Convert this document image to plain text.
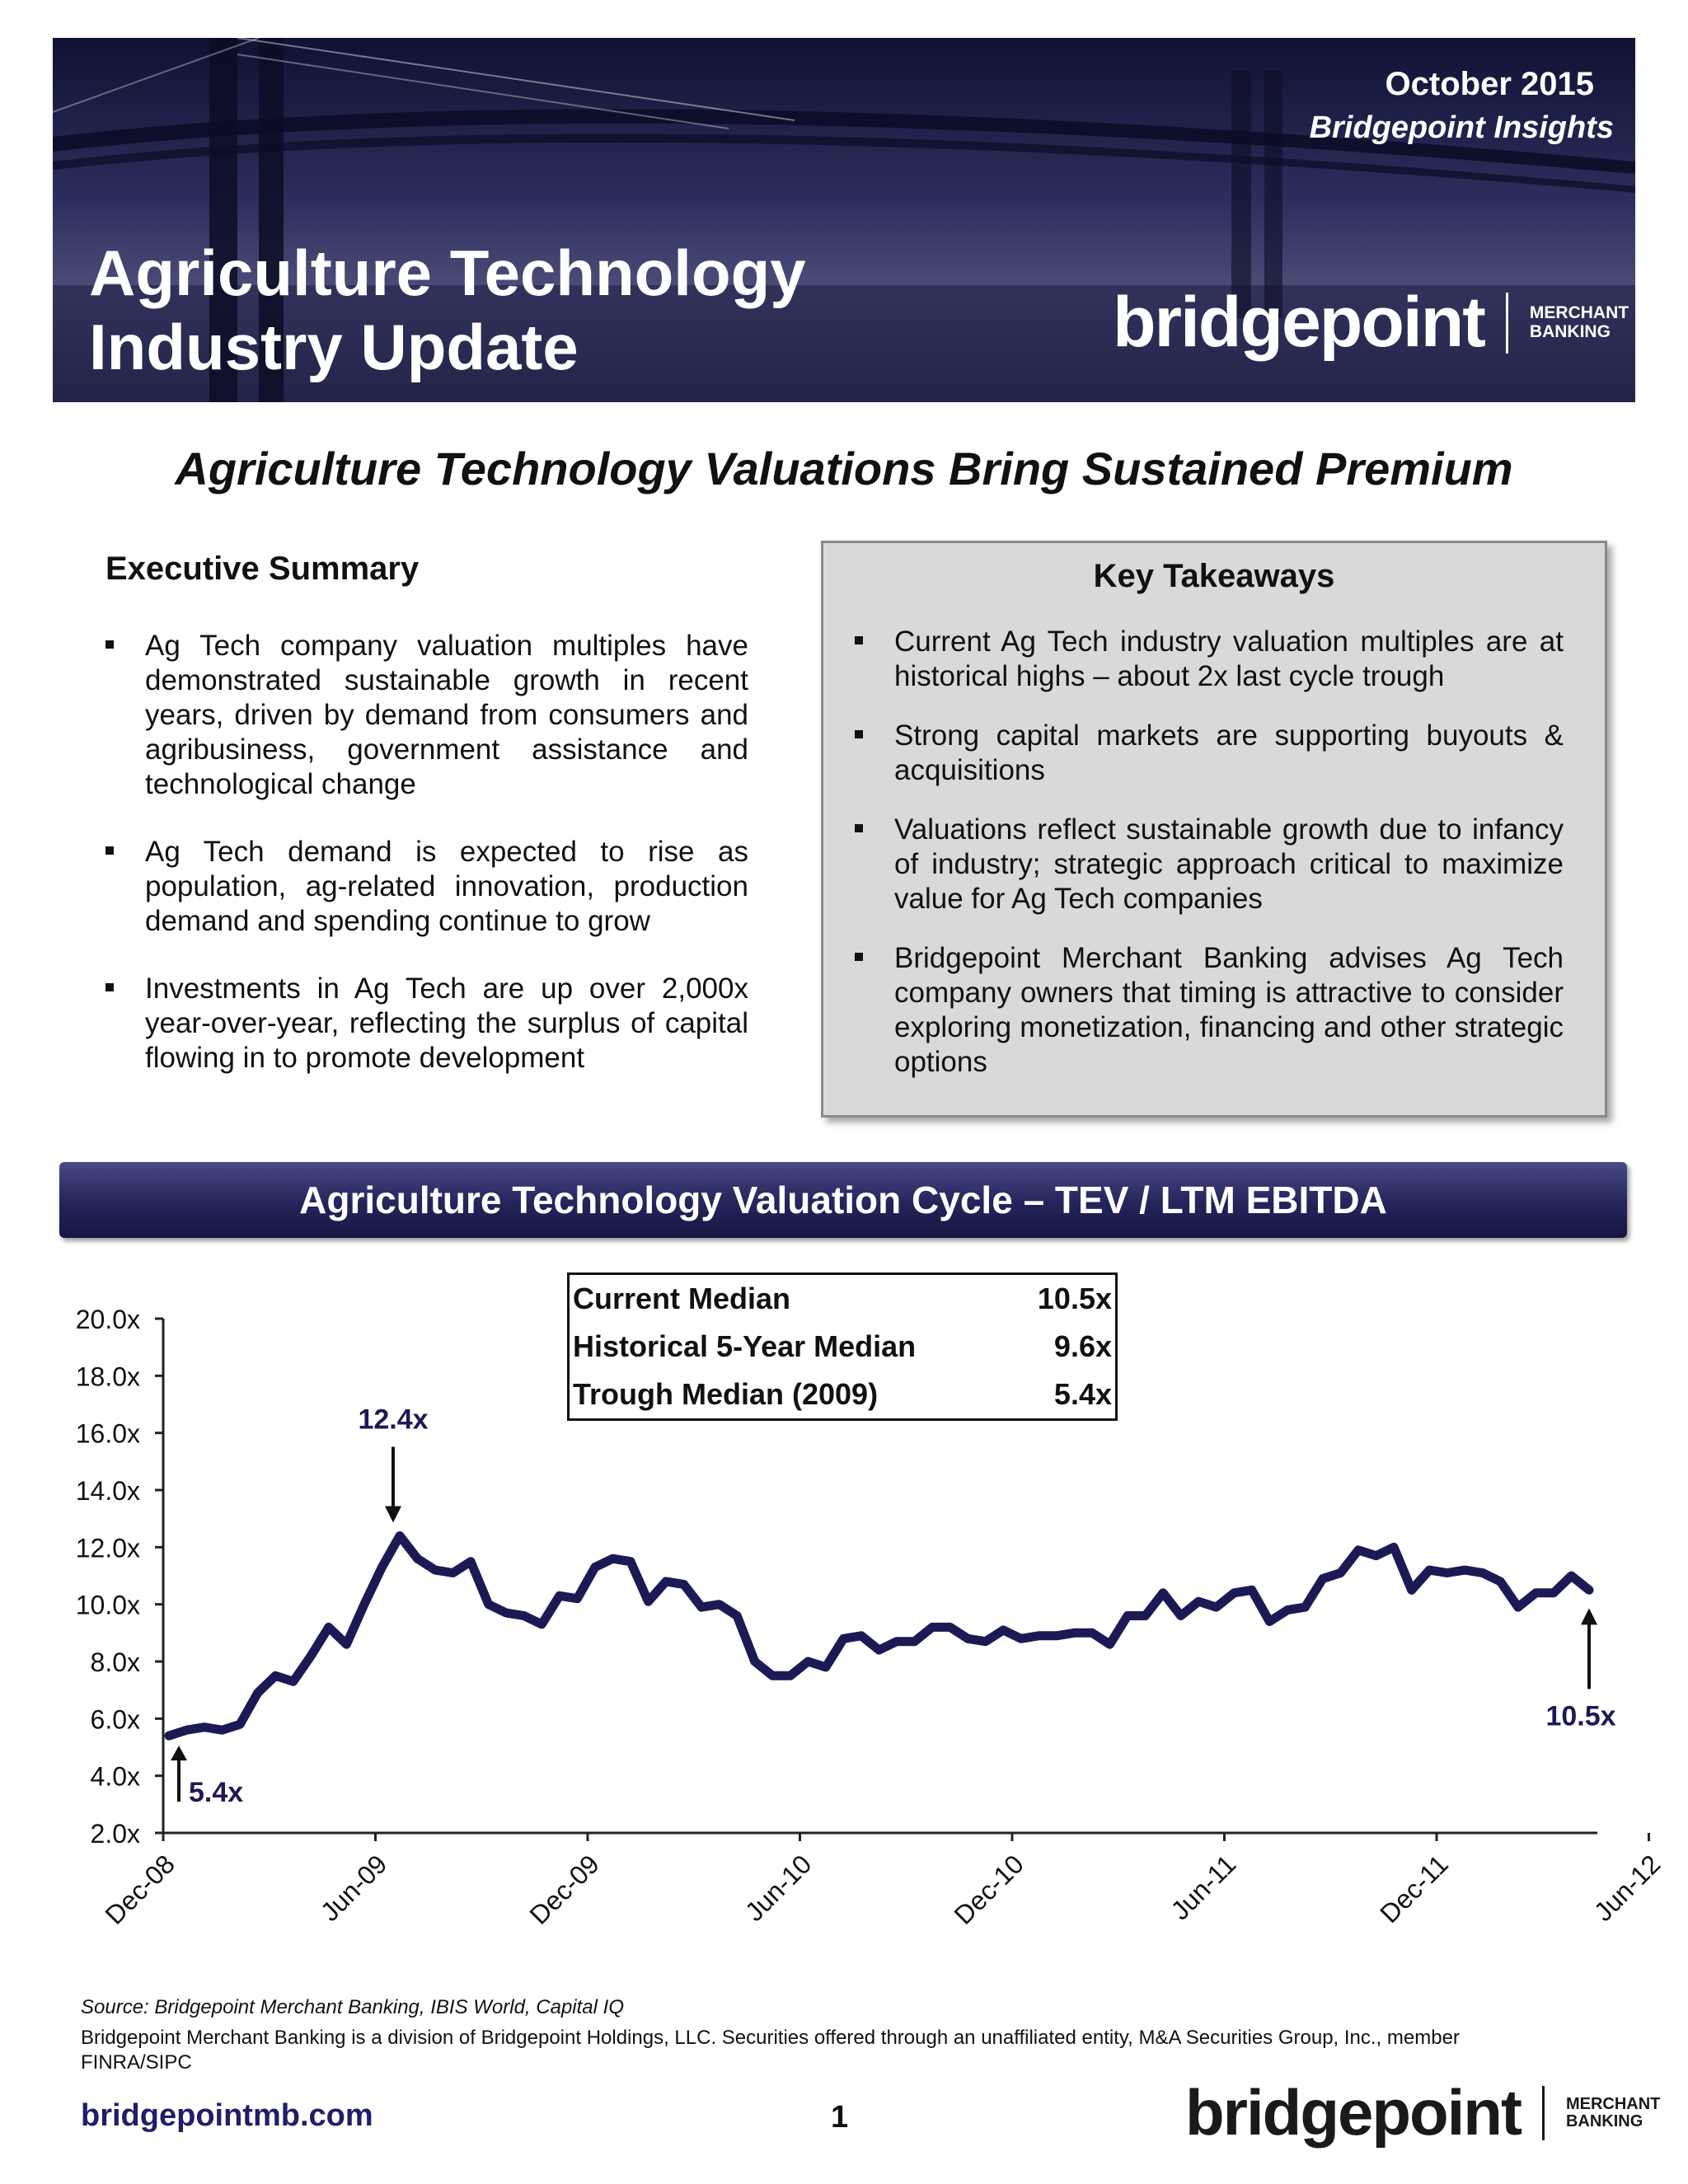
October 2015
Bridgepoint Insights
Agriculture Technology
Industry Update	bridgepoint	MERCHANT
BANKING
Agriculture Technology Valuations Bring Sustained Premium
Executive Summary
Ag Tech company valuation multiples have demonstrated sustainable growth in recent years, driven by demand from consumers and agribusiness, government assistance and technological change
Ag Tech demand is expected to rise as population, ag-related innovation, production demand and spending continue to grow
Investments in Ag Tech are up over 2,000x year-over-year, reflecting the surplus of capital flowing in to promote development
Key Takeaways
Current Ag Tech industry valuation multiples are at historical highs – about 2x last cycle trough
Strong capital markets are supporting buyouts & acquisitions
Valuations reflect sustainable growth due to infancy of industry; strategic approach critical to maximize value for Ag Tech companies
Bridgepoint Merchant Banking advises Ag Tech company owners that timing is attractive to consider exploring monetization, financing and other strategic options
Agriculture Technology Valuation Cycle – TEV / LTM EBITDA
2.0x
4.0x
6.0x
8.0x
10.0x
12.0x
14.0x
16.0x
18.0x
20.0x
Dec-08	Jun-09	Dec-09	Jun-10	Dec-10	Jun-11	Dec-11	Jun-12
12.4x
5.4x
10.5x
Current Median	10.5x
Historical 5-Year Median	9.6x
Trough Median (2009)	5.4x
Source: Bridgepoint Merchant Banking, IBIS World, Capital IQ
Bridgepoint Merchant Banking is a division of Bridgepoint Holdings, LLC. Securities offered through an unaffiliated entity, M&A Securities Group, Inc., member FINRA/SIPC
bridgepointmb.com	1	bridgepoint	MERCHANT
BANKING
